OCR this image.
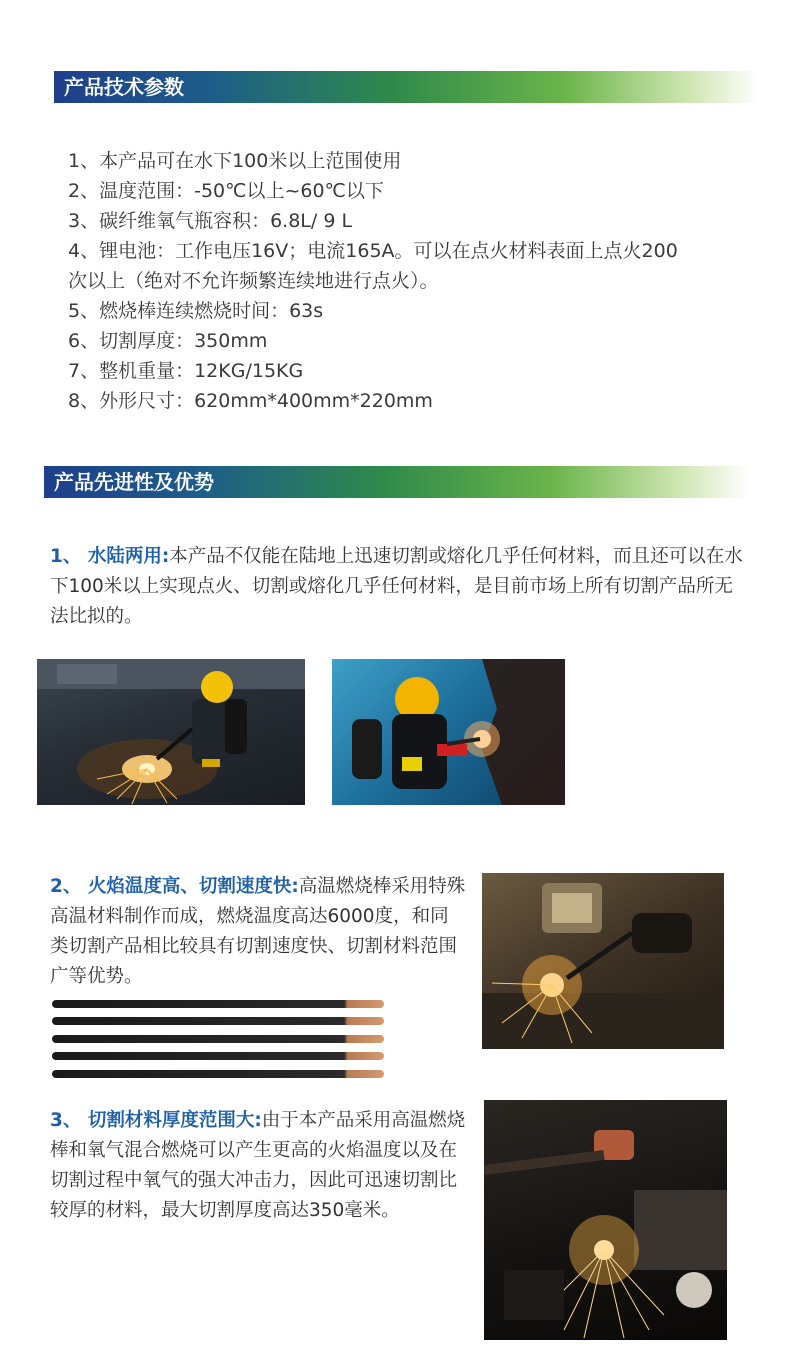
产品技术参数
1、本产品可在水下100米以上范围使用
2、温度范围：-50℃以上~60℃以下
3、碳纤维氧气瓶容积：6.8L/ 9 L
4、锂电池：工作电压16V；电流165A。可以在点火材料表面上点火200
次以上（绝对不允许频繁连续地进行点火）。
5、燃烧棒连续燃烧时间：63s
6、切割厚度：350mm
7、整机重量：12KG/15KG
8、外形尺寸：620mm*400mm*220mm
产品先进性及优势

1、 水陆两用:本产品不仅能在陆地上迅速切割或熔化几乎任何材料，而且还可以在水下100米以上实现点火、切割或熔化几乎任何材料，是目前市场上所有切割产品所无法比拟的。

2、 火焰温度高、切割速度快:高温燃烧棒采用特殊高温材料制作而成，燃烧温度高达6000度，和同类切割产品相比较具有切割速度快、切割材料范围广等优势。

3、 切割材料厚度范围大:由于本产品采用高温燃烧棒和氧气混合燃烧可以产生更高的火焰温度以及在切割过程中氧气的强大冲击力，因此可迅速切割比较厚的材料，最大切割厚度高达350毫米。
